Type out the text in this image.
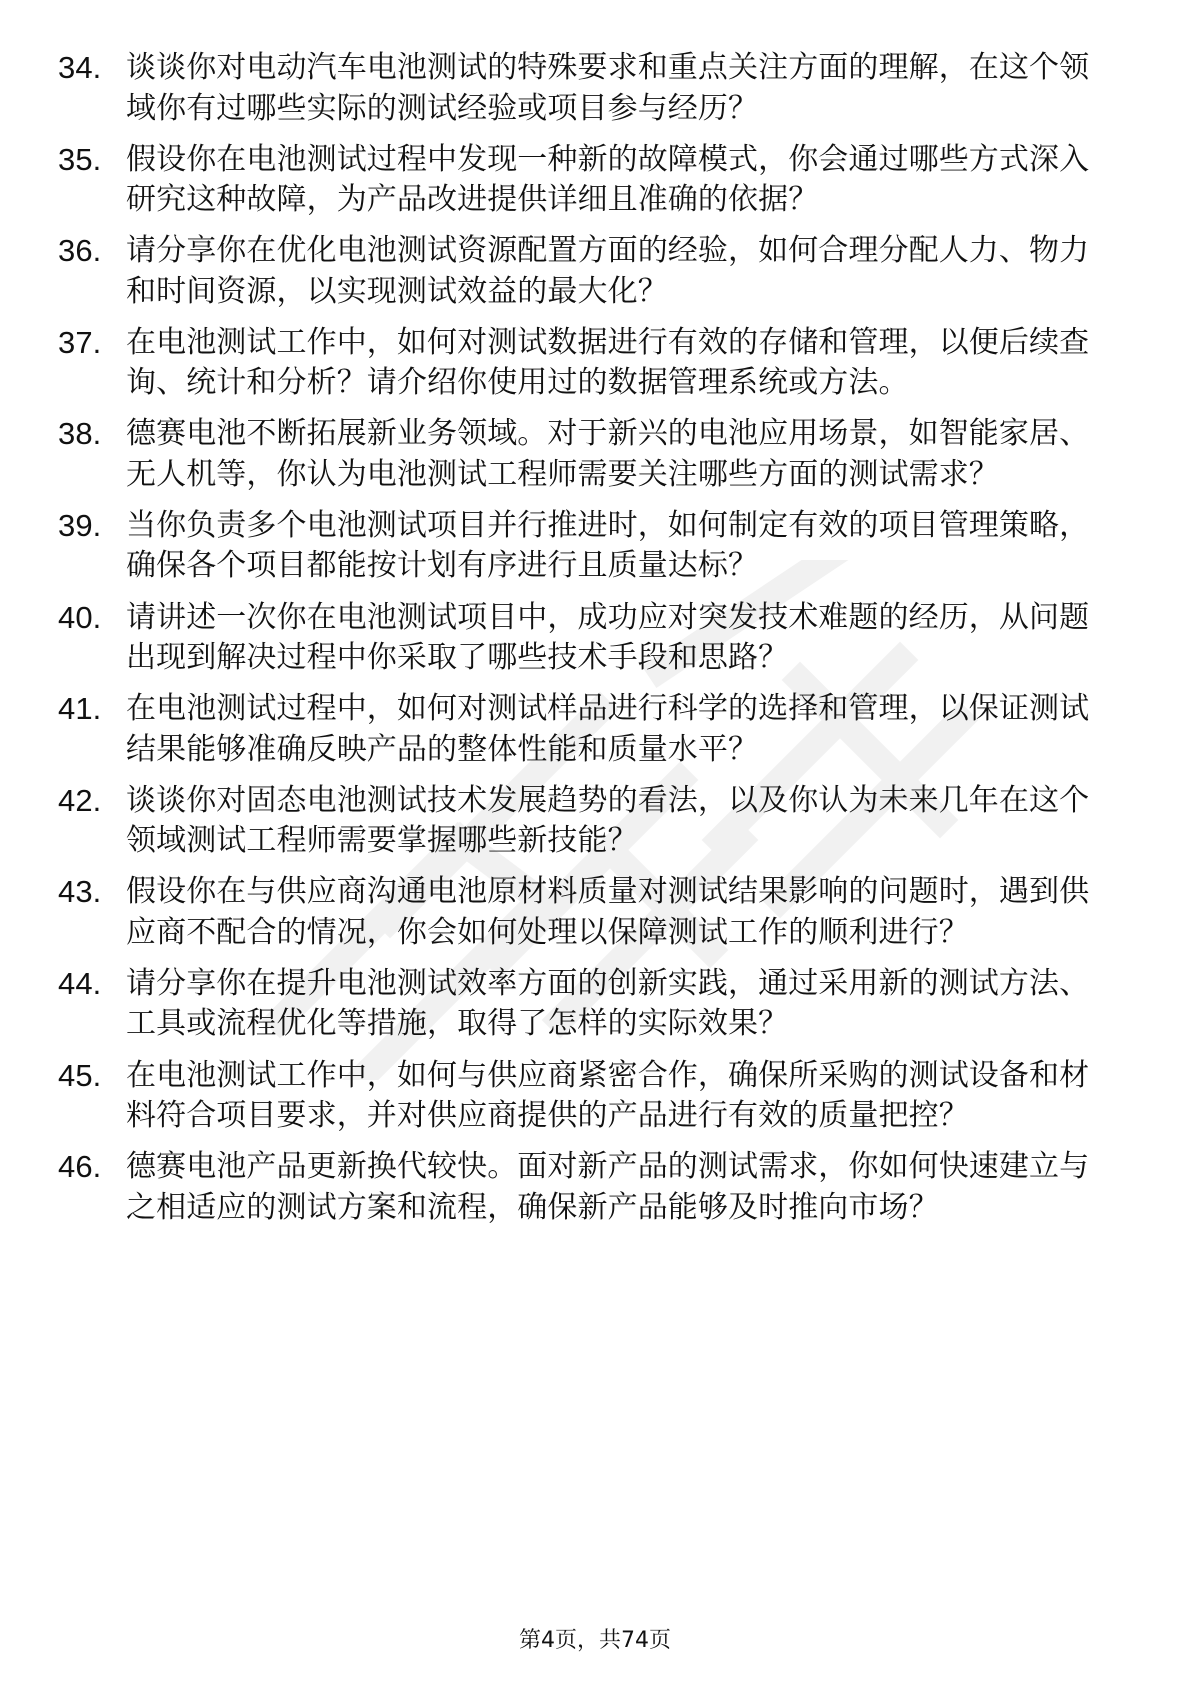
34. 谈谈你对电动汽车电池测试的特殊要求和重点关注方面的理解，在这个领域你有过哪些实际的测试经验或项目参与经历？
35. 假设你在电池测试过程中发现一种新的故障模式，你会通过哪些方式深入研究这种故障，为产品改进提供详细且准确的依据？
36. 请分享你在优化电池测试资源配置方面的经验，如何合理分配人力、物力和时间资源，以实现测试效益的最大化？
37. 在电池测试工作中，如何对测试数据进行有效的存储和管理，以便后续查询、统计和分析？请介绍你使用过的数据管理系统或方法。
38. 德赛电池不断拓展新业务领域。对于新兴的电池应用场景，如智能家居、无人机等，你认为电池测试工程师需要关注哪些方面的测试需求？
39. 当你负责多个电池测试项目并行推进时，如何制定有效的项目管理策略，确保各个项目都能按计划有序进行且质量达标？
40. 请讲述一次你在电池测试项目中，成功应对突发技术难题的经历，从问题出现到解决过程中你采取了哪些技术手段和思路？
41. 在电池测试过程中，如何对测试样品进行科学的选择和管理，以保证测试结果能够准确反映产品的整体性能和质量水平？
42. 谈谈你对固态电池测试技术发展趋势的看法，以及你认为未来几年在这个领域测试工程师需要掌握哪些新技能？
43. 假设你在与供应商沟通电池原材料质量对测试结果影响的问题时，遇到供应商不配合的情况，你会如何处理以保障测试工作的顺利进行？
44. 请分享你在提升电池测试效率方面的创新实践，通过采用新的测试方法、工具或流程优化等措施，取得了怎样的实际效果？
45. 在电池测试工作中，如何与供应商紧密合作，确保所采购的测试设备和材料符合项目要求，并对供应商提供的产品进行有效的质量把控？
46. 德赛电池产品更新换代较快。面对新产品的测试需求，你如何快速建立与之相适应的测试方案和流程，确保新产品能够及时推向市场？
第4页，共74页
